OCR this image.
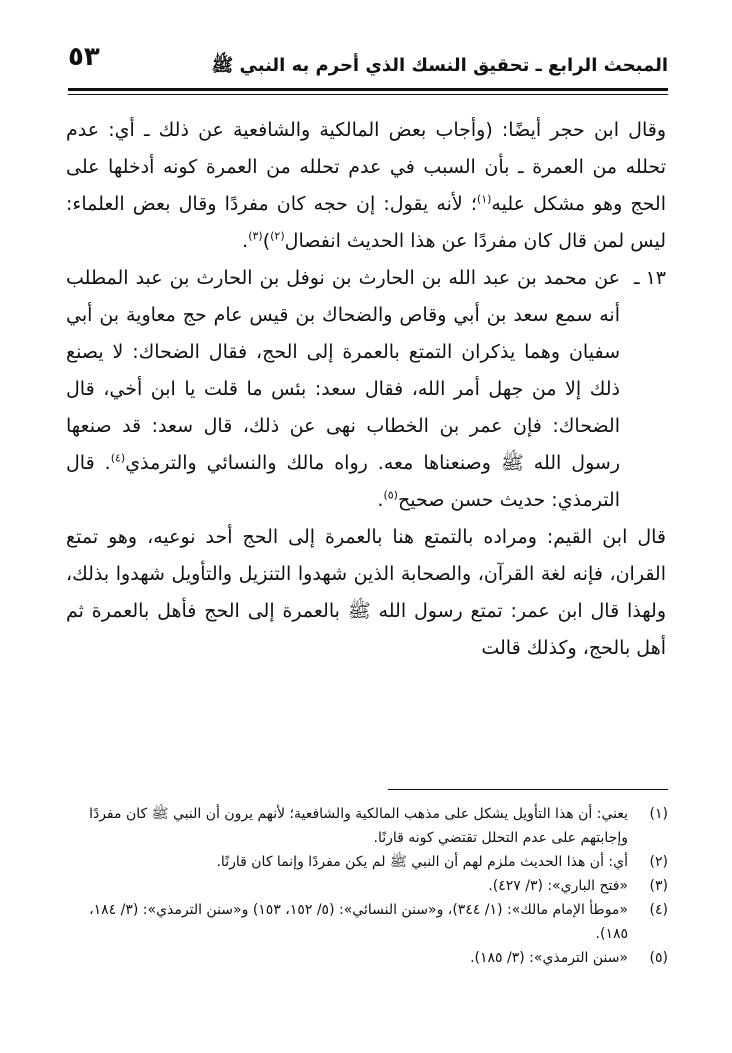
٥٣	المبحث الرابع ـ تحقيق النسك الذي أحرم به النبي ﷺ

وقال ابن حجر أيضًا: (وأجاب بعض المالكية والشافعية عن ذلك ـ أي: عدم تحلله من العمرة ـ بأن السبب في عدم تحلله من العمرة كونه أدخلها على الحج وهو مشكل عليه$^{(١)}$؛ لأنه يقول: إن حجه كان مفردًا وقال بعض العلماء: ليس لمن قال كان مفردًا عن هذا الحديث انفصال$^{(٢)}$)$^{(٣)}$.

١٣ ـ
عن محمد بن عبد الله بن الحارث بن نوفل بن الحارث بن عبد المطلب أنه سمع سعد بن أبي وقاص والضحاك بن قيس عام حج معاوية بن أبي سفيان وهما يذكران التمتع بالعمرة إلى الحج، فقال الضحاك: لا يصنع ذلك إلا من جهل أمر الله، فقال سعد: بئس ما قلت يا ابن أخي، قال الضحاك: فإن عمر بن الخطاب نهى عن ذلك، قال سعد: قد صنعها رسول الله ﷺ وصنعناها معه. رواه مالك والنسائي والترمذي$^{(٤)}$. قال الترمذي: حديث حسن صحيح$^{(٥)}$.

قال ابن القيم: ومراده بالتمتع هنا بالعمرة إلى الحج أحد نوعيه، وهو تمتع القران، فإنه لغة القرآن، والصحابة الذين شهدوا التنزيل والتأويل شهدوا بذلك، ولهذا قال ابن عمر: تمتع رسول الله ﷺ بالعمرة إلى الحج فأهل بالعمرة ثم أهل بالحج، وكذلك قالت

(١)
يعني: أن هذا التأويل يشكل على مذهب المالكية والشافعية؛ لأنهم يرون أن النبي ﷺ كان مفردًا وإجابتهم على عدم التحلل تقتضي كونه قارنًا.
(٢)
أي: أن هذا الحديث ملزم لهم أن النبي ﷺ لم يكن مفردًا وإنما كان قارنًا.
(٣)
«فتح الباري»: (٣/ ٤٢٧).
(٤)
«موطأ الإمام مالك»: (١/ ٣٤٤)، و«سنن النسائي»: (٥/ ١٥٢، ١٥٣) و«سنن الترمذي»: (٣/ ١٨٤، ١٨٥).
(٥)
«سنن الترمذي»: (٣/ ١٨٥).
